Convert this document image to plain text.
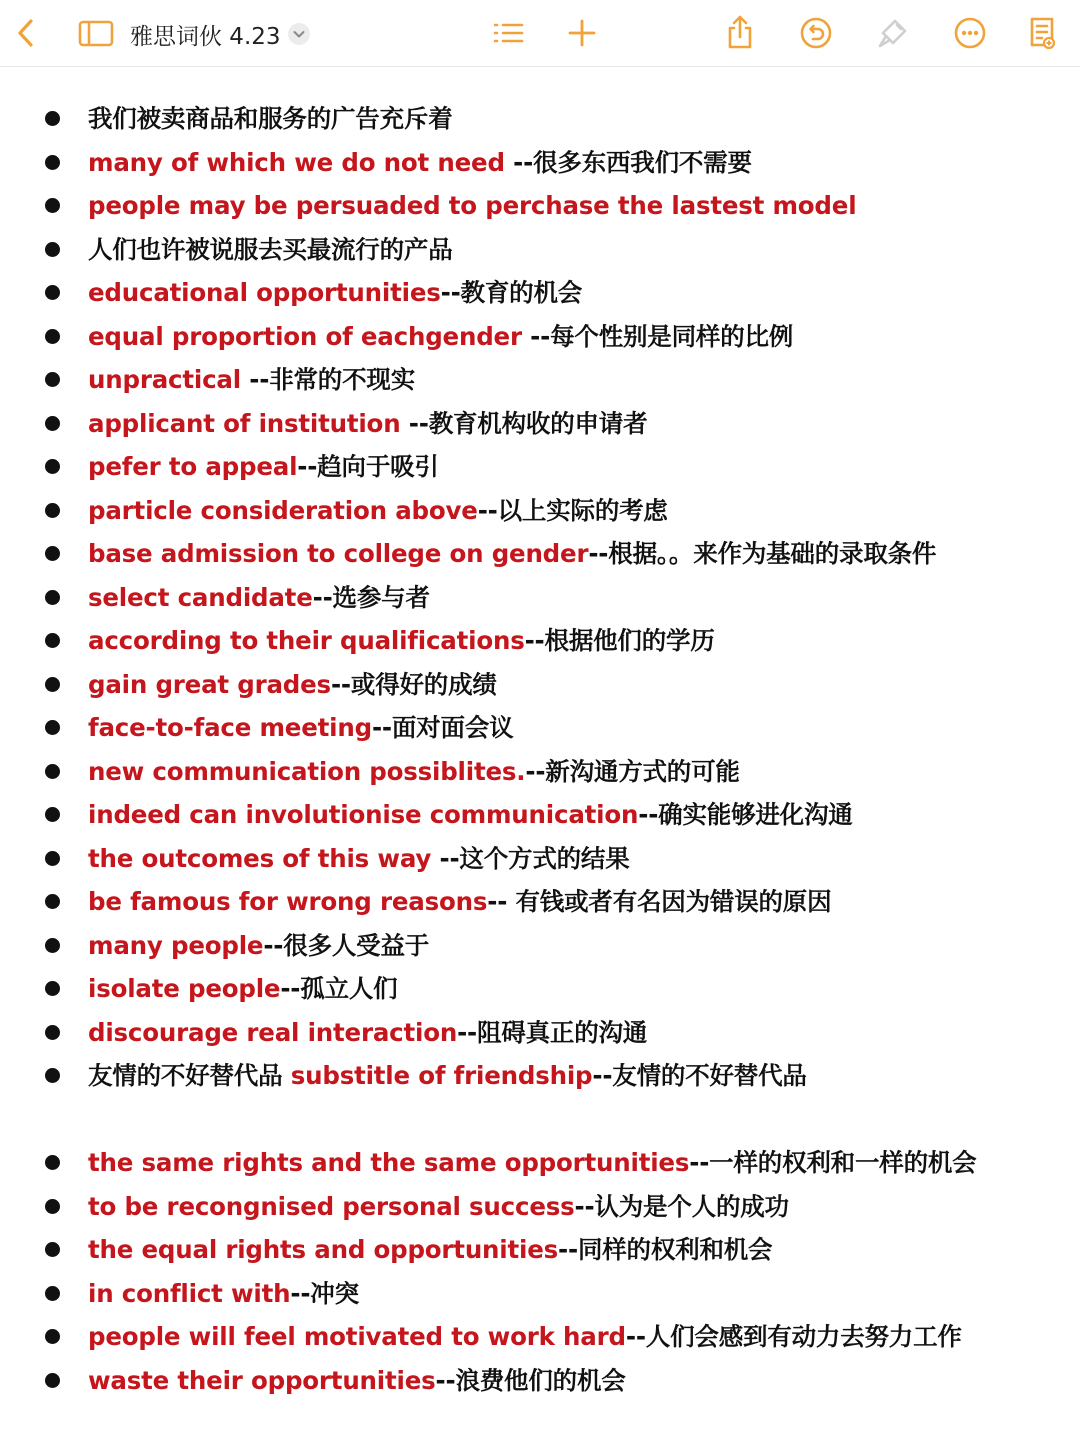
雅思词伙 4.23
我们被卖商品和服务的广告充斥着
many of which we do not need --很多东西我们不需要
people may be persuaded to perchase the lastest model
人们也许被说服去买最流行的产品
educational opportunities--教育的机会
equal proportion of eachgender --每个性别是同样的比例
unpractical --非常的不现实
applicant of institution --教育机构收的申请者
pefer to appeal--趋向于吸引
particle consideration above--以上实际的考虑
base admission to college on gender--根据。。来作为基础的录取条件
select candidate--选参与者
according to their qualifications--根据他们的学历
gain great grades--或得好的成绩
face-to-face meeting--面对面会议
new communication possiblites.--新沟通方式的可能
indeed can involutionise communication--确实能够进化沟通
the outcomes of this way --这个方式的结果
be famous for wrong reasons-- 有钱或者有名因为错误的原因
many people--很多人受益于
isolate people--孤立人们
discourage real interaction--阻碍真正的沟通
友情的不好替代品 substitle of friendship--友情的不好替代品
the same rights and the same opportunities--一样的权利和一样的机会
to be recongnised personal success--认为是个人的成功
the equal rights and opportunities--同样的权利和机会
in conflict with--冲突
people will feel motivated to work hard--人们会感到有动力去努力工作
waste their opportunities--浪费他们的机会
